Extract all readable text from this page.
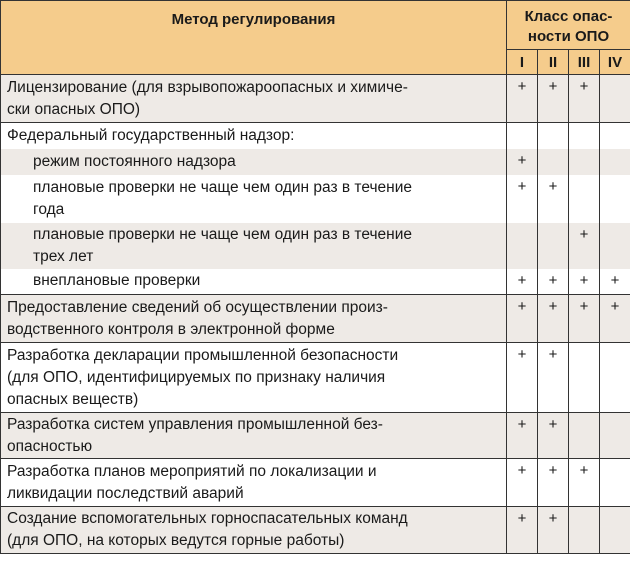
Метод регулирования	Класс опас-
ности ОПО			

	I	II	III	IV

Лицензирование (для взрывопожароопасных и химиче-
ски опасных ОПО)	+	+	+	

Федеральный государственный надзор:				

режим постоянного надзора	+			

плановые проверки не чаще чем один раз в течение
года	+	+		

плановые проверки не чаще чем один раз в течение
трех лет			+	

внеплановые проверки	+	+	+	+

Предоставление сведений об осуществлении произ-
водственного контроля в электронной форме	+	+	+	+

Разработка декларации промышленной безопасности
(для ОПО, идентифицируемых по признаку наличия
опасных веществ)	+	+		

Разработка систем управления промышленной без-
опасностью	+	+		

Разработка планов мероприятий по локализации и
ликвидации последствий аварий	+	+	+	

Создание вспомогательных горноспасательных команд
(для ОПО, на которых ведутся горные работы)	+	+		
